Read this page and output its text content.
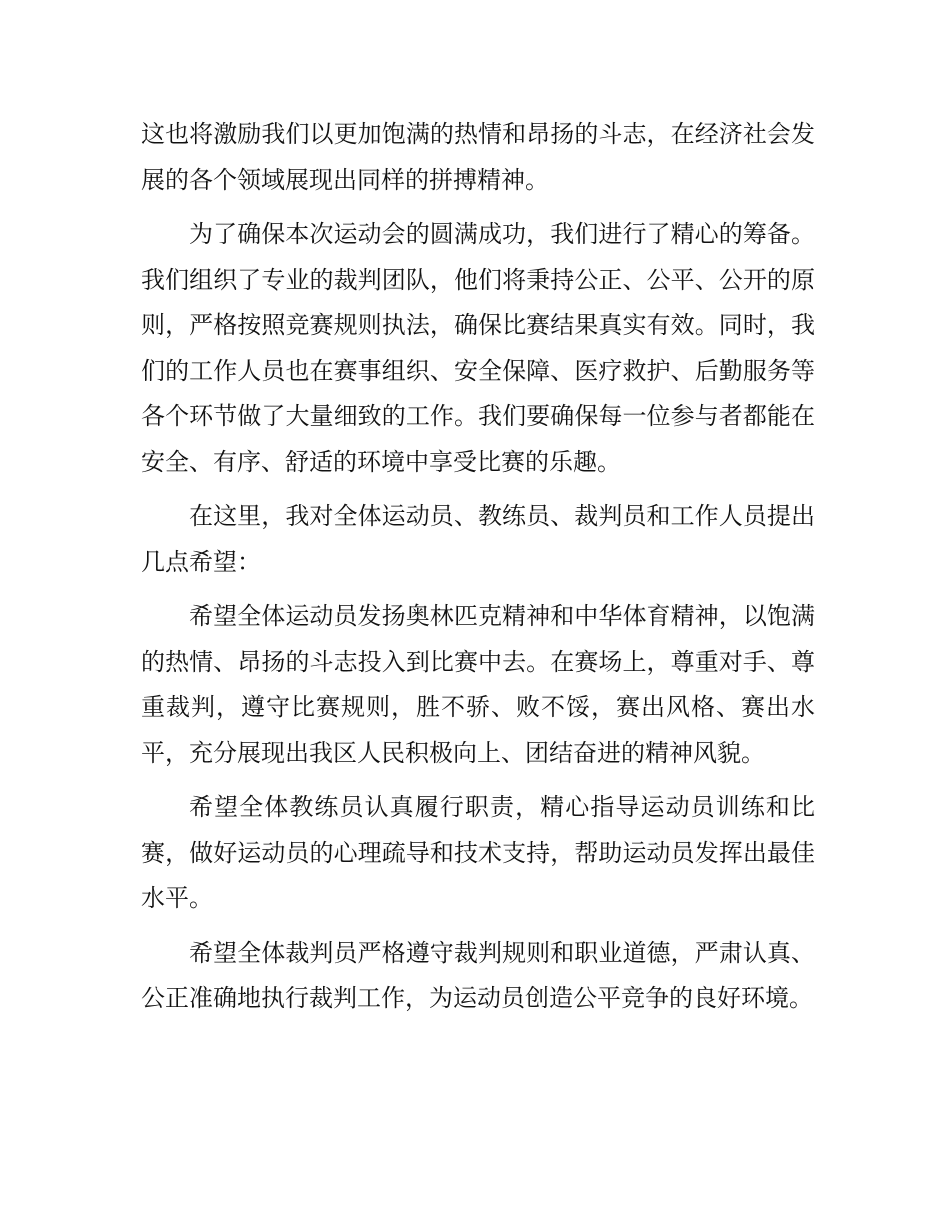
这也将激励我们以更加饱满的热情和昂扬的斗志，在经济社会发展的各个领域展现出同样的拼搏精神。

为了确保本次运动会的圆满成功，我们进行了精心的筹备。我们组织了专业的裁判团队，他们将秉持公正、公平、公开的原则，严格按照竞赛规则执法，确保比赛结果真实有效。同时，我们的工作人员也在赛事组织、安全保障、医疗救护、后勤服务等各个环节做了大量细致的工作。我们要确保每一位参与者都能在安全、有序、舒适的环境中享受比赛的乐趣。

在这里，我对全体运动员、教练员、裁判员和工作人员提出几点希望：

希望全体运动员发扬奥林匹克精神和中华体育精神，以饱满的热情、昂扬的斗志投入到比赛中去。在赛场上，尊重对手、尊重裁判，遵守比赛规则，胜不骄、败不馁，赛出风格、赛出水平，充分展现出我区人民积极向上、团结奋进的精神风貌。

希望全体教练员认真履行职责，精心指导运动员训练和比赛，做好运动员的心理疏导和技术支持，帮助运动员发挥出最佳水平。

希望全体裁判员严格遵守裁判规则和职业道德，严肃认真、公正准确地执行裁判工作，为运动员创造公平竞争的良好环境。
